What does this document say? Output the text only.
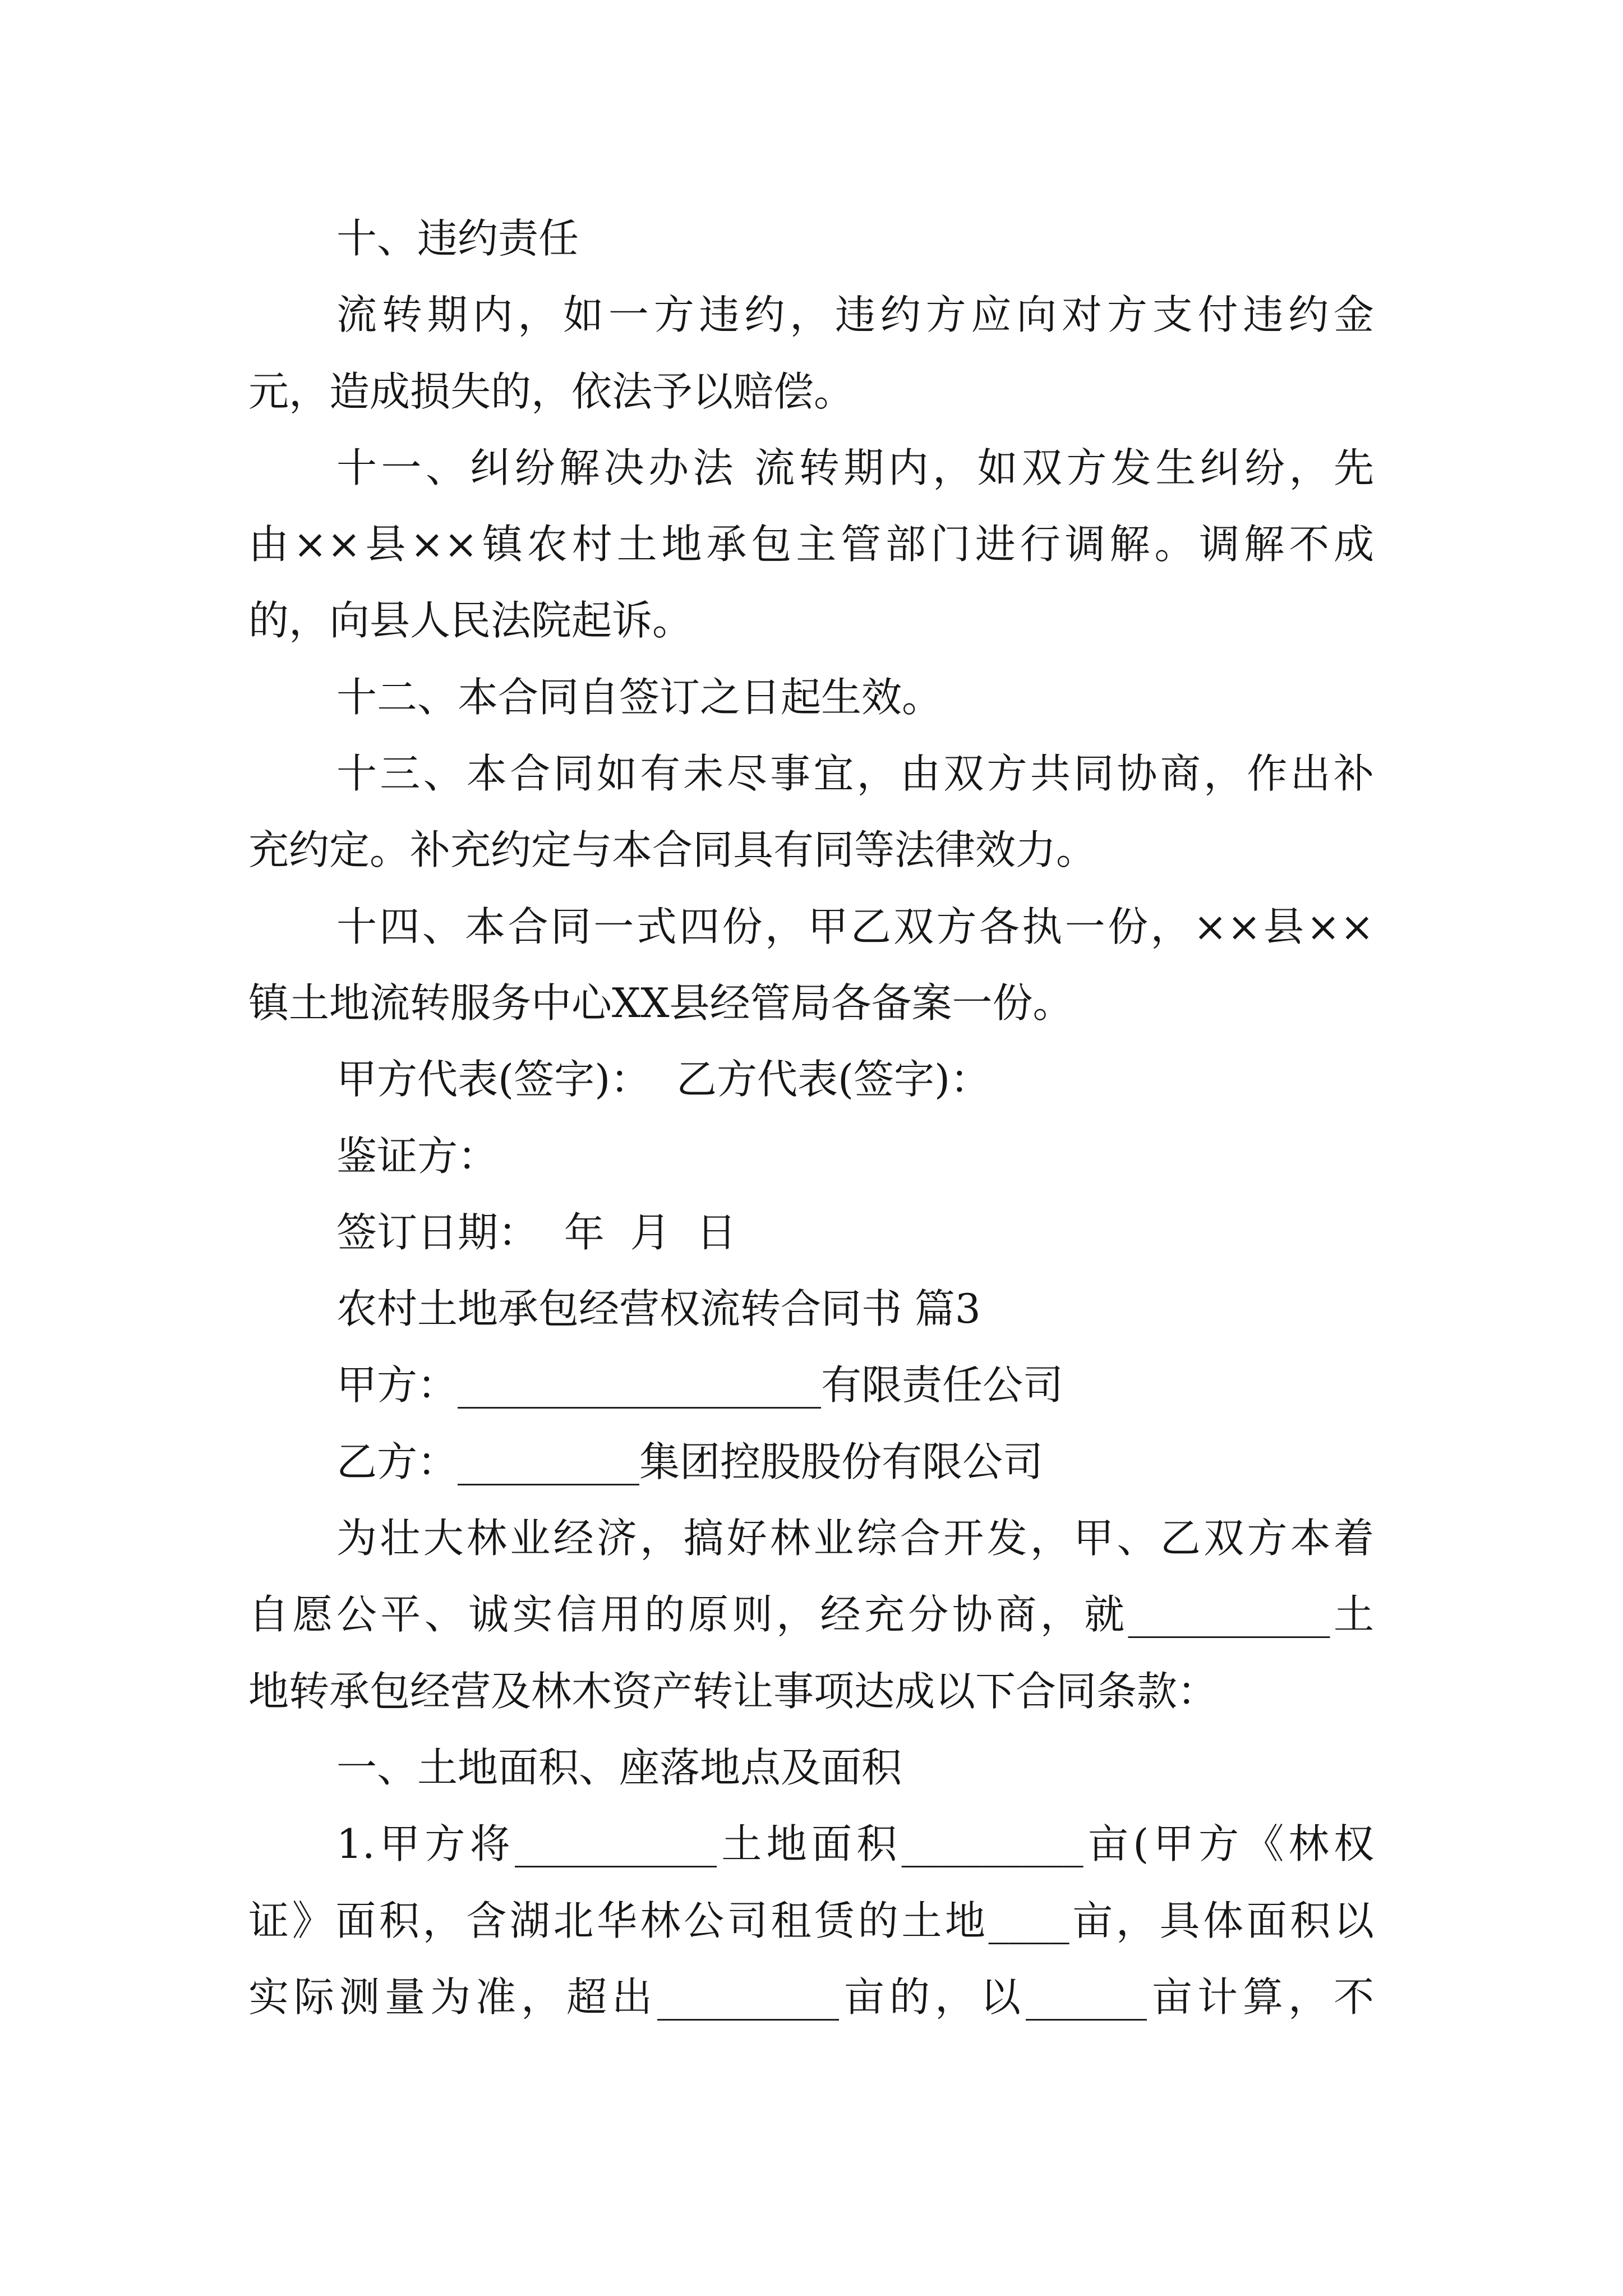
十、违约责任
流转期内，如一方违约，违约方应向对方支付违约金
元，造成损失的，依法予以赔偿。
十一、纠纷解决办法 流转期内，如双方发生纠纷，先
由××县××镇农村土地承包主管部门进行调解。调解不成
的，向县人民法院起诉。
十二、本合同自签订之日起生效。
十三、本合同如有未尽事宜，由双方共同协商，作出补
充约定。补充约定与本合同具有同等法律效力。
十四、本合同一式四份，甲乙双方各执一份，××县××
镇土地流转服务中心XX县经管局各备案一份。
甲方代表(签字)：  乙方代表(签字)：
鉴证方：
签订日期：  年  月  日
农村土地承包经营权流转合同书 篇3
甲方：__________________有限责任公司
乙方：_________集团控股股份有限公司
为壮大林业经济，搞好林业综合开发，甲、乙双方本着
自愿公平、诚实信用的原则，经充分协商，就__________土
地转承包经营及林木资产转让事项达成以下合同条款：
一、土地面积、座落地点及面积
1.甲方将__________土地面积_________亩(甲方《林权
证》面积，含湖北华林公司租赁的土地____亩，具体面积以
实际测量为准，超出_________亩的，以______亩计算，不
